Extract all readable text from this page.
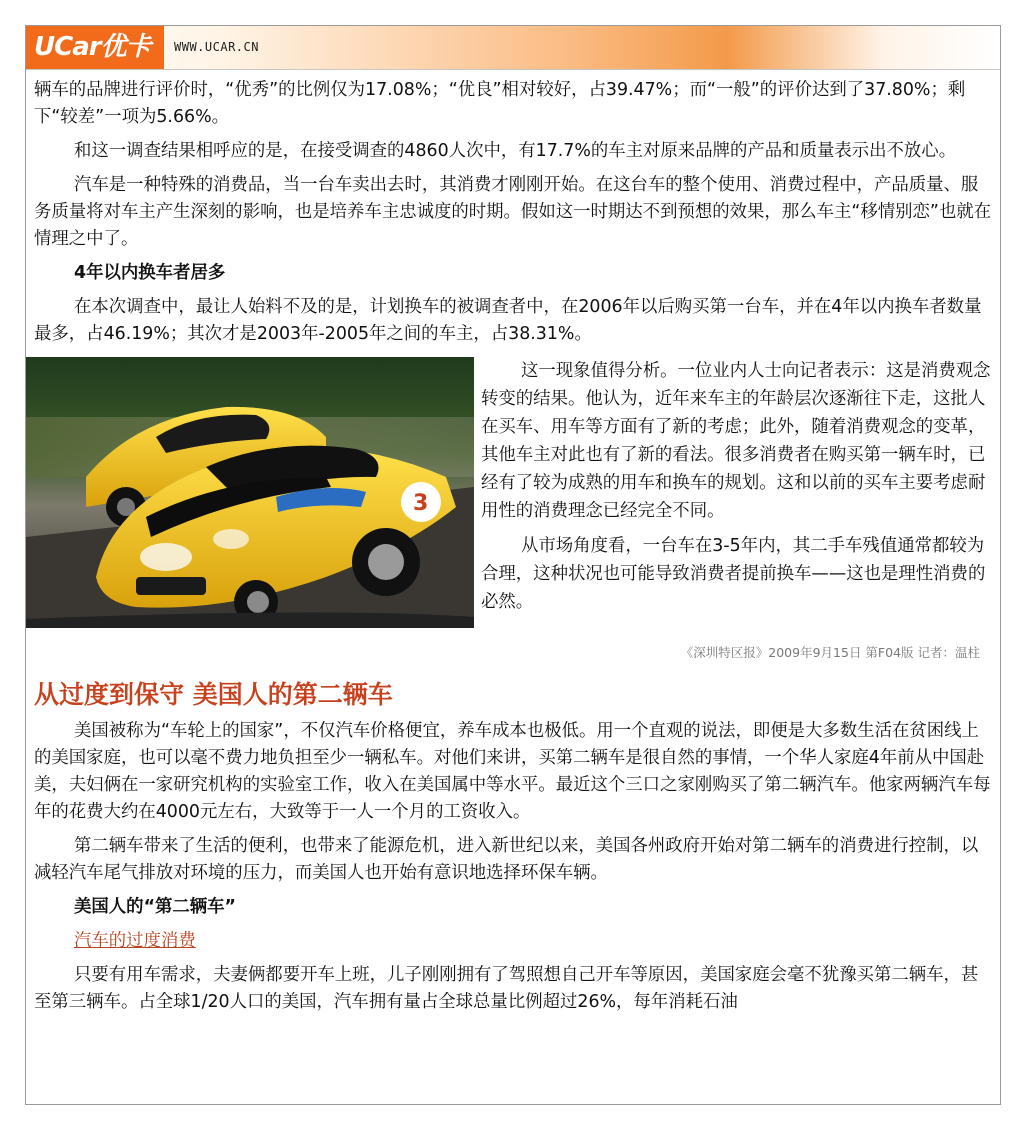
UCar优卡	WWW.UCAR.CN

辆车的品牌进行评价时，“优秀”的比例仅为17.08%；“优良”相对较好，占39.47%；而“一般”的评价达到了37.80%；剩下“较差”一项为5.66%。

和这一调查结果相呼应的是，在接受调查的4860人次中，有17.7%的车主对原来品牌的产品和质量表示出不放心。

汽车是一种特殊的消费品，当一台车卖出去时，其消费才刚刚开始。在这台车的整个使用、消费过程中，产品质量、服务质量将对车主产生深刻的影响，也是培养车主忠诚度的时期。假如这一时期达不到预想的效果，那么车主“移情别恋”也就在情理之中了。

4年以内换车者居多

在本次调查中，最让人始料不及的是，计划换车的被调查者中，在2006年以后购买第一台车，并在4年以内换车者数量最多，占46.19%；其次才是2003年-2005年之间的车主，占38.31%。

3

这一现象值得分析。一位业内人士向记者表示：这是消费观念转变的结果。他认为，近年来车主的年龄层次逐渐往下走，这批人在买车、用车等方面有了新的考虑；此外，随着消费观念的变革，其他车主对此也有了新的看法。很多消费者在购买第一辆车时，已经有了较为成熟的用车和换车的规划。这和以前的买车主要考虑耐用性的消费理念已经完全不同。

从市场角度看，一台车在3-5年内，其二手车残值通常都较为合理，这种状况也可能导致消费者提前换车——这也是理性消费的必然。

《深圳特区报》2009年9月15日 第F04版 记者：温柱
从过度到保守 美国人的第二辆车

美国被称为“车轮上的国家”，不仅汽车价格便宜，养车成本也极低。用一个直观的说法，即便是大多数生活在贫困线上的美国家庭，也可以毫不费力地负担至少一辆私车。对他们来讲，买第二辆车是很自然的事情，一个华人家庭4年前从中国赴美，夫妇俩在一家研究机构的实验室工作，收入在美国属中等水平。最近这个三口之家刚购买了第二辆汽车。他家两辆汽车每年的花费大约在4000元左右，大致等于一人一个月的工资收入。

第二辆车带来了生活的便利，也带来了能源危机，进入新世纪以来，美国各州政府开始对第二辆车的消费进行控制，以减轻汽车尾气排放对环境的压力，而美国人也开始有意识地选择环保车辆。

美国人的“第二辆车”
汽车的过度消费

只要有用车需求，夫妻俩都要开车上班，儿子刚刚拥有了驾照想自己开车等原因，美国家庭会毫不犹豫买第二辆车，甚至第三辆车。占全球1/20人口的美国，汽车拥有量占全球总量比例超过26%，每年消耗石油
